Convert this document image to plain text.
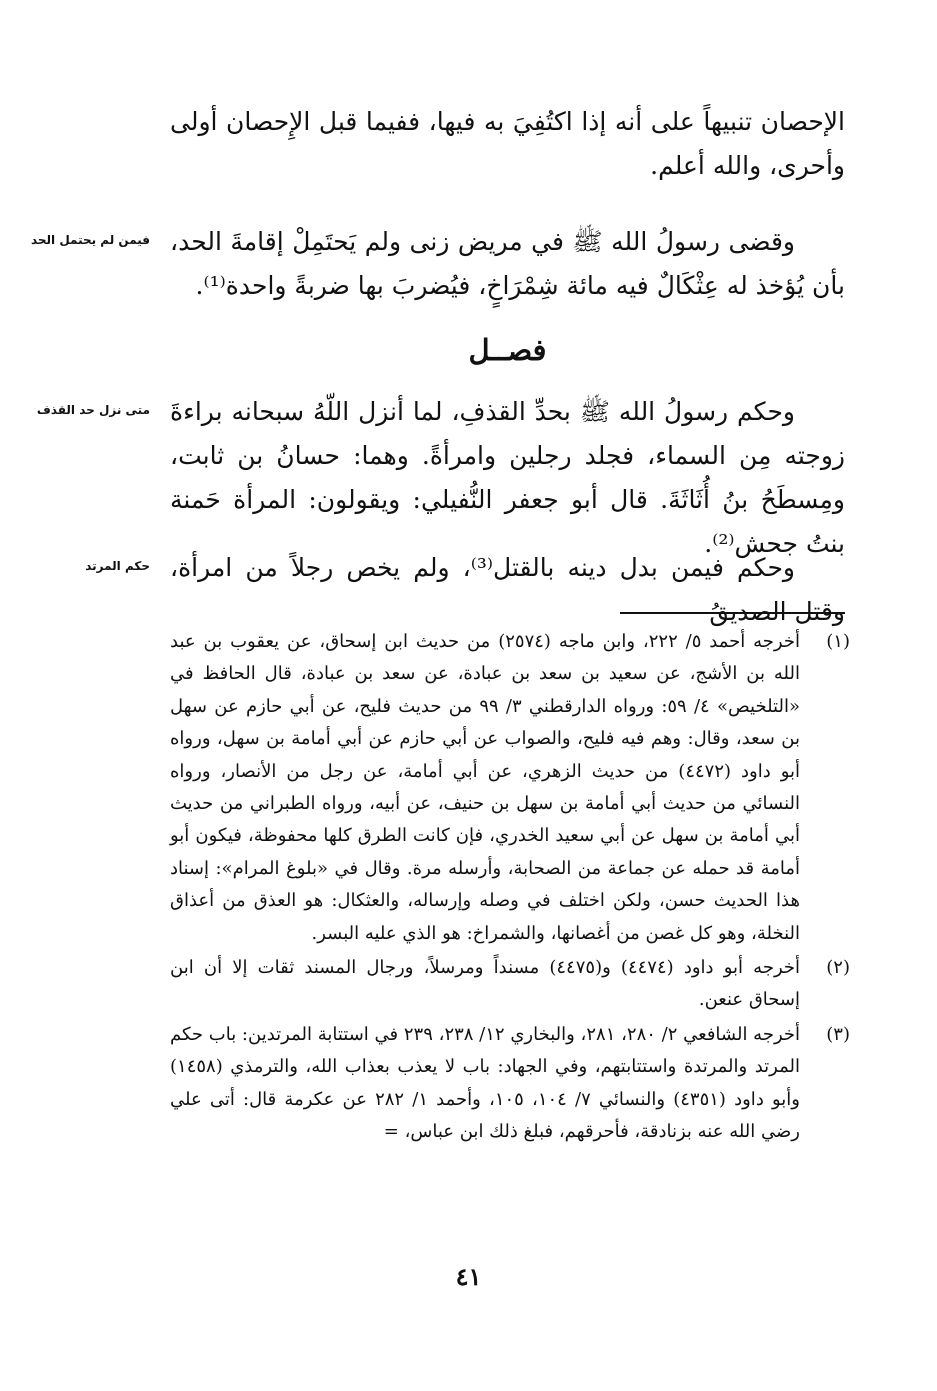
الإحصان تنبيهاً على أنه إذا اكتُفِيَ به فيها، ففيما قبل الإِحصان أولى وأحرى، والله أعلم.
فيمن لم يحتمل الحد وقضى رسولُ الله ﷺ في مريض زنى ولم يَحتَمِلْ إقامةَ الحد، بأن يُؤخذ له عِثْكَالٌ فيه مائة شِمْرَاخٍ، فيُضربَ بها ضربةً واحدة⁽¹⁾.
فصــل
متى نزل حد القذف وحكم رسولُ الله ﷺ بحدِّ القذفِ، لما أنزل اللّهُ سبحانه براءةَ زوجته مِن السماء، فجلد رجلين وامرأةً. وهما: حسانُ بن ثابت، ومِسطَحُ بنُ أُثَاثَةَ. قال أبو جعفر النُّفيلي: ويقولون: المرأة حَمنة بنتُ جحش⁽²⁾.
حكم المرتد وحكم فيمن بدل دينه بالقتل⁽³⁾، ولم يخص رجلاً من امرأة، وقتل الصديقُ
(١)
أخرجه أحمد ٥/ ٢٢٢، وابن ماجه (٢٥٧٤) من حديث ابن إسحاق، عن يعقوب بن عبد الله بن الأشج، عن سعيد بن سعد بن عبادة، عن سعد بن عبادة، قال الحافظ في «التلخيص» ٤/ ٥٩: ورواه الدارقطني ٣/ ٩٩ من حديث فليح، عن أبي حازم عن سهل بن سعد، وقال: وهم فيه فليح، والصواب عن أبي حازم عن أبي أمامة بن سهل، ورواه أبو داود (٤٤٧٢) من حديث الزهري، عن أبي أمامة، عن رجل من الأنصار، ورواه النسائي من حديث أبي أمامة بن سهل بن حنيف، عن أبيه، ورواه الطبراني من حديث أبي أمامة بن سهل عن أبي سعيد الخدري، فإن كانت الطرق كلها محفوظة، فيكون أبو أمامة قد حمله عن جماعة من الصحابة، وأرسله مرة. وقال في «بلوغ المرام»: إسناد هذا الحديث حسن، ولكن اختلف في وصله وإرساله، والعثكال: هو العذق من أعذاق النخلة، وهو كل غصن من أغصانها، والشمراخ: هو الذي عليه البسر.
(٢)
أخرجه أبو داود (٤٤٧٤) و(٤٤٧٥) مسنداً ومرسلاً، ورجال المسند ثقات إلا أن ابن إسحاق عنعن.
(٣)
أخرجه الشافعي ٢/ ٢٨٠، ٢٨١، والبخاري ١٢/ ٢٣٨، ٢٣٩ في استتابة المرتدين: باب حكم المرتد والمرتدة واستتابتهم، وفي الجهاد: باب لا يعذب بعذاب الله، والترمذي (١٤٥٨) وأبو داود (٤٣٥١) والنسائي ٧/ ١٠٤، ١٠٥، وأحمد ١/ ٢٨٢ عن عكرمة قال: أتى علي رضي الله عنه بزنادقة، فأحرقهم، فبلغ ذلك ابن عباس، =
٤١
